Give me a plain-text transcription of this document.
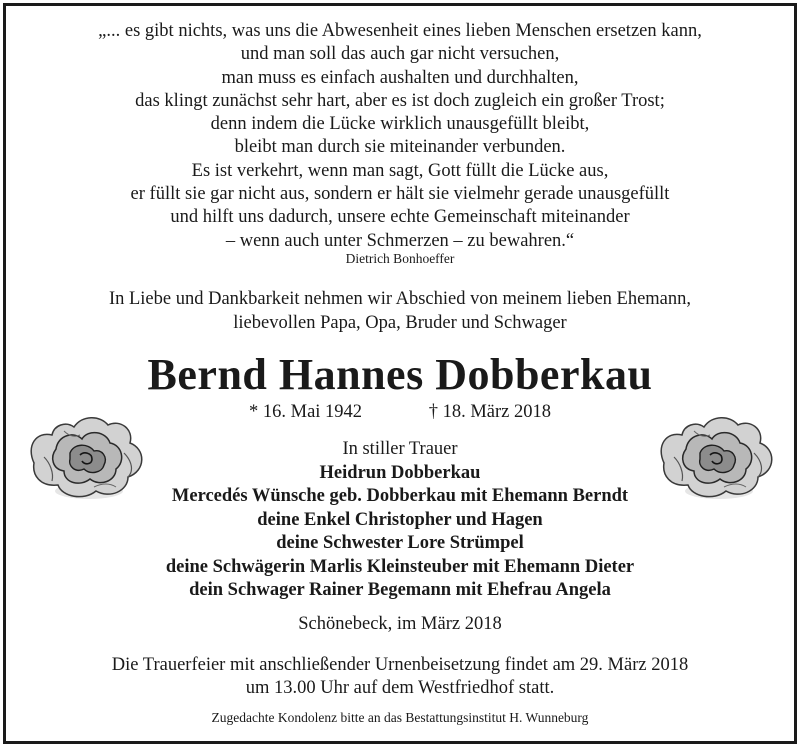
„... es gibt nichts, was uns die Abwesenheit eines lieben Menschen ersetzen kann,
und man soll das auch gar nicht versuchen,
man muss es einfach aushalten und durchhalten,
das klingt zunächst sehr hart, aber es ist doch zugleich ein großer Trost;
denn indem die Lücke wirklich unausgefüllt bleibt,
bleibt man durch sie miteinander verbunden.
Es ist verkehrt, wenn man sagt, Gott füllt die Lücke aus,
er füllt sie gar nicht aus, sondern er hält sie vielmehr gerade unausgefüllt
und hilft uns dadurch, unsere echte Gemeinschaft miteinander
– wenn auch unter Schmerzen – zu bewahren.“
Dietrich Bonhoeffer
In Liebe und Dankbarkeit nehmen wir Abschied von meinem lieben Ehemann,
liebevollen Papa, Opa, Bruder und Schwager
Bernd Hannes Dobberkau
* 16. Mai 1942	† 18. März 2018
In stiller Trauer
Heidrun Dobberkau
Mercedés Wünsche geb. Dobberkau mit Ehemann Berndt
deine Enkel Christopher und Hagen
deine Schwester Lore Strümpel
deine Schwägerin Marlis Kleinsteuber mit Ehemann Dieter
dein Schwager Rainer Begemann mit Ehefrau Angela
Schönebeck, im März 2018
Die Trauerfeier mit anschließender Urnenbeisetzung findet am 29. März 2018
um 13.00 Uhr auf dem Westfriedhof statt.
Zugedachte Kondolenz bitte an das Bestattungsinstitut H. Wunneburg
